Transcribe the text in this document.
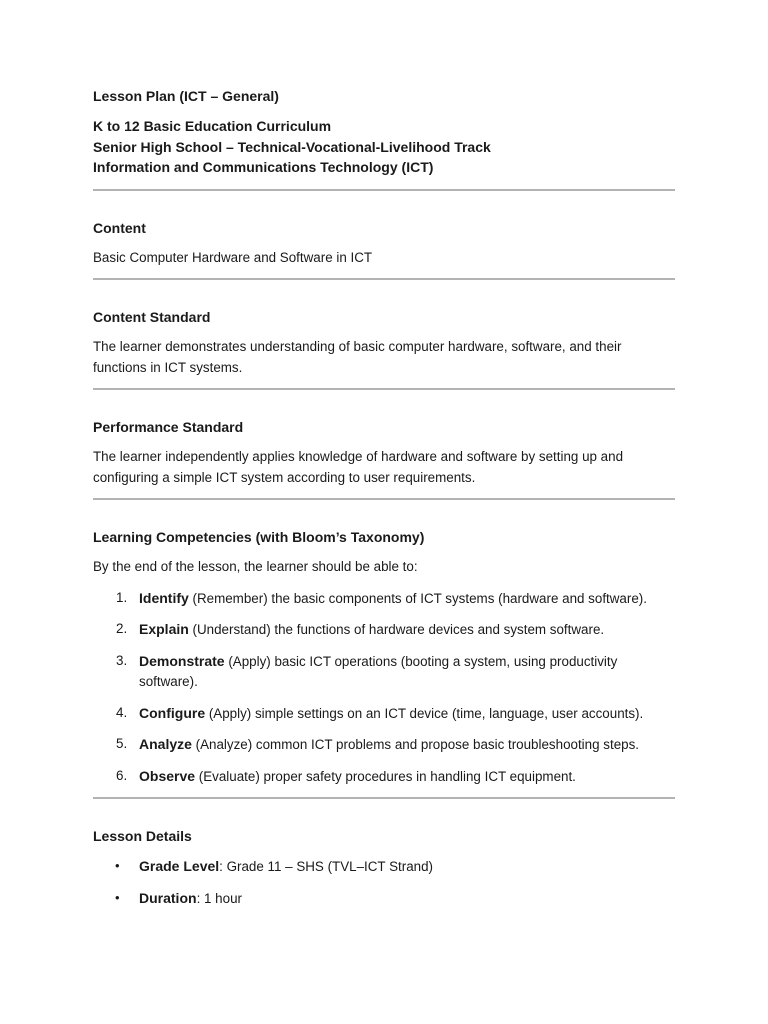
Lesson Plan (ICT – General)
K to 12 Basic Education Curriculum
Senior High School – Technical-Vocational-Livelihood Track
Information and Communications Technology (ICT)
Content
Basic Computer Hardware and Software in ICT
Content Standard
The learner demonstrates understanding of basic computer hardware, software, and their functions in ICT systems.
Performance Standard
The learner independently applies knowledge of hardware and software by setting up and configuring a simple ICT system according to user requirements.
Learning Competencies (with Bloom’s Taxonomy)
By the end of the lesson, the learner should be able to:
1. Identify (Remember) the basic components of ICT systems (hardware and software).
2. Explain (Understand) the functions of hardware devices and system software.
3. Demonstrate (Apply) basic ICT operations (booting a system, using productivity software).
4. Configure (Apply) simple settings on an ICT device (time, language, user accounts).
5. Analyze (Analyze) common ICT problems and propose basic troubleshooting steps.
6. Observe (Evaluate) proper safety procedures in handling ICT equipment.
Lesson Details
• Grade Level: Grade 11 – SHS (TVL–ICT Strand)
• Duration: 1 hour
